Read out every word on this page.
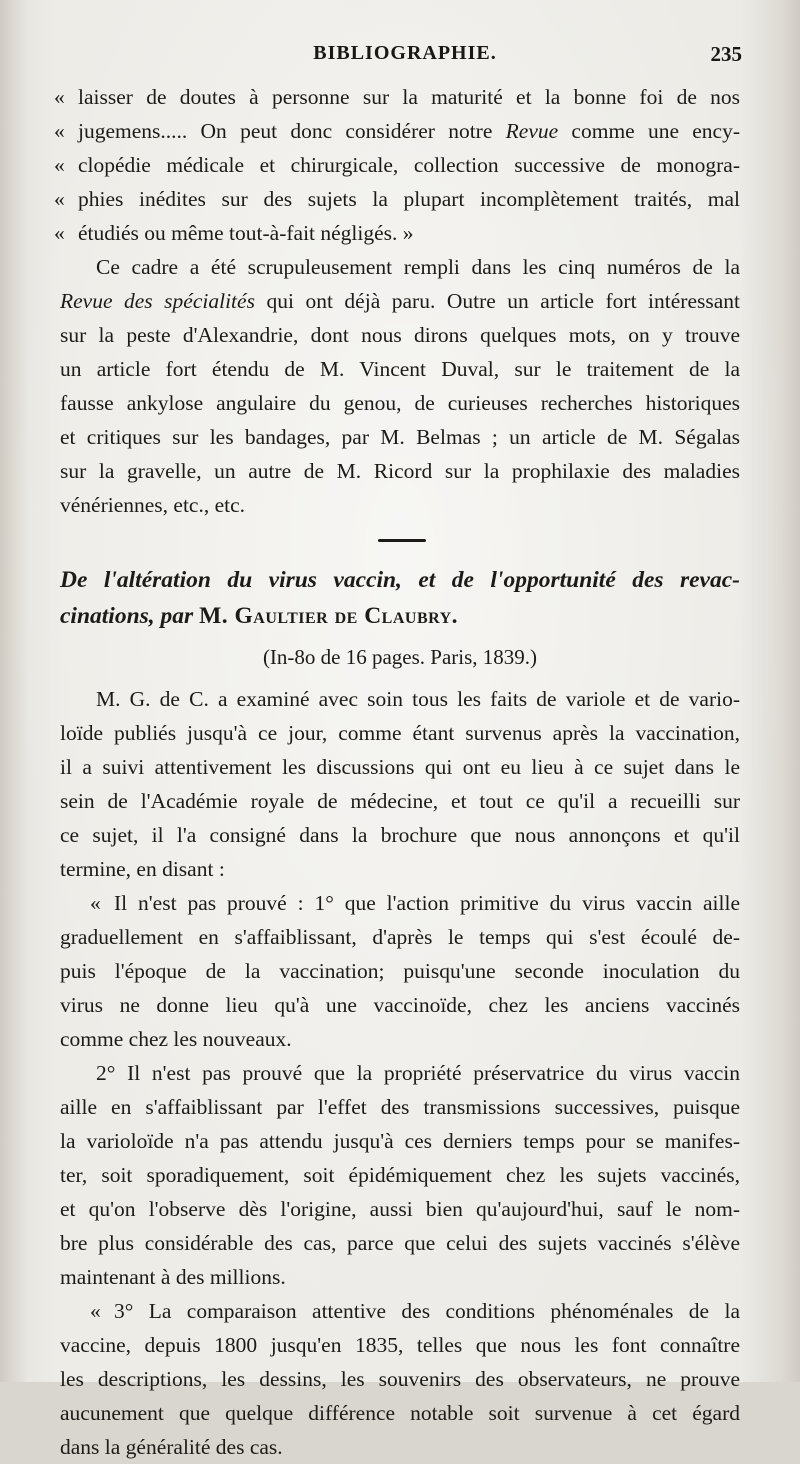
BIBLIOGRAPHIE.	235

« laisser de doutes à personne sur la maturité et la bonne foi de nos
« jugemens..... On peut donc considérer notre Revue comme une ency-
« clopédie médicale et chirurgicale, collection successive de monogra-
« phies inédites sur des sujets la plupart incomplètement traités, mal
« étudiés ou même tout-à-fait négligés. »

Ce cadre a été scrupuleusement rempli dans les cinq numéros de la
Revue des spécialités qui ont déjà paru. Outre un article fort intéressant
sur la peste d'Alexandrie, dont nous dirons quelques mots, on y trouve
un article fort étendu de M. Vincent Duval, sur le traitement de la
fausse ankylose angulaire du genou, de curieuses recherches historiques
et critiques sur les bandages, par M. Belmas ; un article de M. Ségalas
sur la gravelle, un autre de M. Ricord sur la prophilaxie des maladies
vénériennes, etc., etc.

De l'altération du virus vaccin, et de l'opportunité des revac-
cinations, par M. Gaultier de Claubry.
(In-8o de 16 pages. Paris, 1839.)

M. G. de C. a examiné avec soin tous les faits de variole et de vario-
loïde publiés jusqu'à ce jour, comme étant survenus après la vaccination,
il a suivi attentivement les discussions qui ont eu lieu à ce sujet dans le
sein de l'Académie royale de médecine, et tout ce qu'il a recueilli sur
ce sujet, il l'a consigné dans la brochure que nous annonçons et qu'il
termine, en disant :

« Il n'est pas prouvé : 1° que l'action primitive du virus vaccin aille
graduellement en s'affaiblissant, d'après le temps qui s'est écoulé de-
puis l'époque de la vaccination; puisqu'une seconde inoculation du
virus ne donne lieu qu'à une vaccinoïde, chez les anciens vaccinés
comme chez les nouveaux.

2° Il n'est pas prouvé que la propriété préservatrice du virus vaccin
aille en s'affaiblissant par l'effet des transmissions successives, puisque
la varioloïde n'a pas attendu jusqu'à ces derniers temps pour se manifes-
ter, soit sporadiquement, soit épidémiquement chez les sujets vaccinés,
et qu'on l'observe dès l'origine, aussi bien qu'aujourd'hui, sauf le nom-
bre plus considérable des cas, parce que celui des sujets vaccinés s'élève
maintenant à des millions.

« 3° La comparaison attentive des conditions phénoménales de la
vaccine, depuis 1800 jusqu'en 1835, telles que nous les font connaître
les descriptions, les dessins, les souvenirs des observateurs, ne prouve
aucunement que quelque différence notable soit survenue à cet égard
dans la généralité des cas.
